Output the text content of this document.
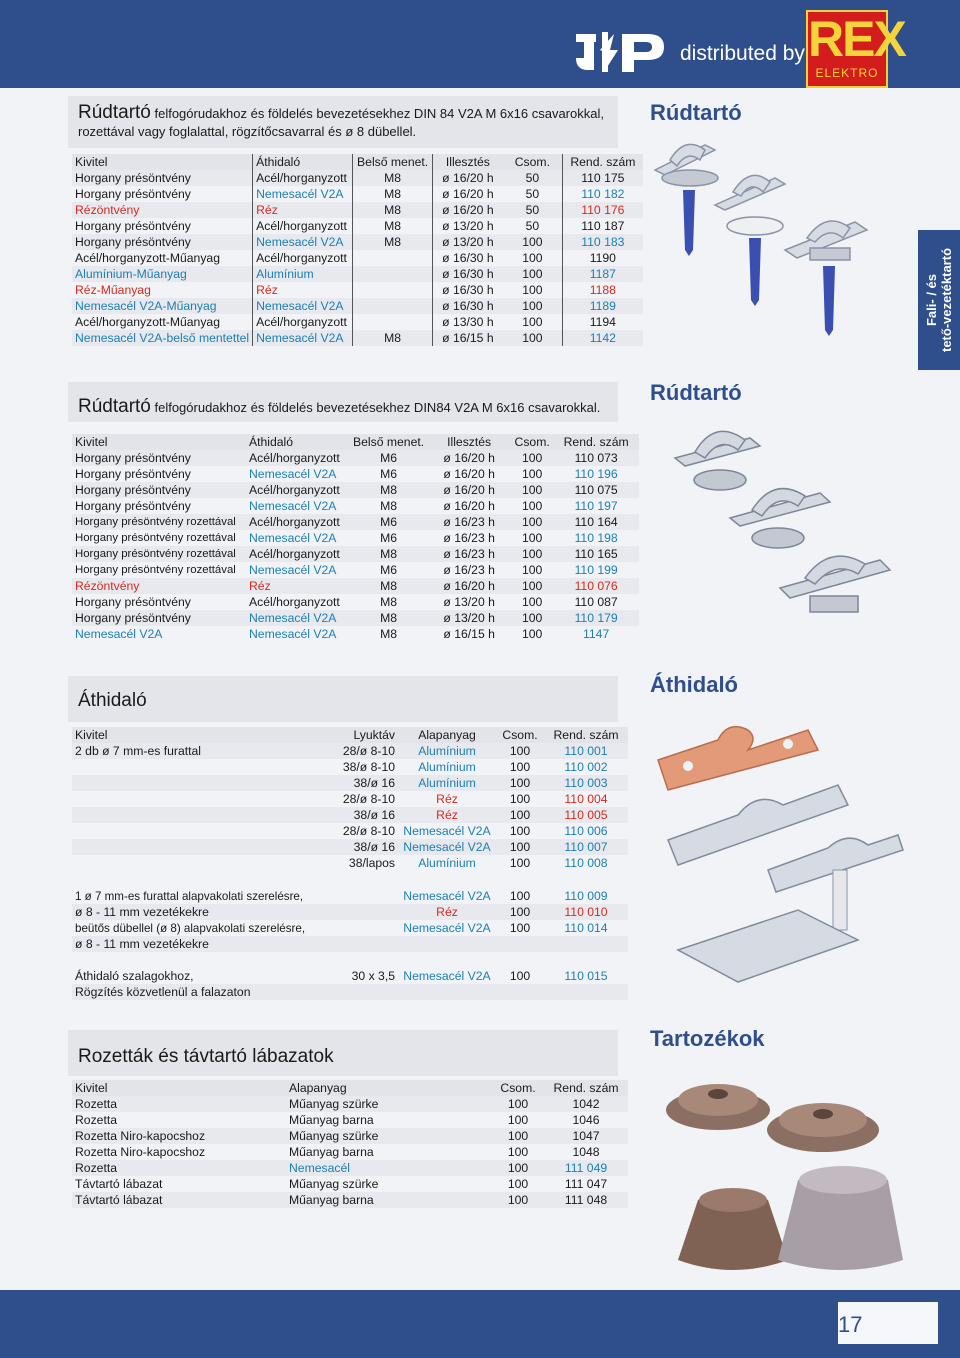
distributed by REX
ELEKTRO
Fali- / és tető-vezetéktartó
Rúdtartó felfogórudakhoz és földelés bevezetésekhez DIN 84 V2A M 6x16 csavarokkal,
rozettával vagy foglalattal, rögzítőcsavarral és ø 8 dübellel.
Rúdtartó
Kivitel	Áthidaló	Belső menet.	Illesztés	Csom.	Rend. szám
Horgany présöntvény	Acél/horganyzott	M8	ø 16/20 h	50	110 175
Horgany présöntvény	Nemesacél V2A	M8	ø 16/20 h	50	110 182
Rézöntvény	Réz	M8	ø 16/20 h	50	110 176
Horgany présöntvény	Acél/horganyzott	M8	ø 13/20 h	50	110 187
Horgany présöntvény	Nemesacél V2A	M8	ø 13/20 h	100	110 183
Acél/horganyzott-Műanyag	Acél/horganyzott		ø 16/30 h	100	1190
Alumínium-Műanyag	Alumínium		ø 16/30 h	100	1187
Réz-Műanyag	Réz		ø 16/30 h	100	1188
Nemesacél V2A-Műanyag	Nemesacél V2A		ø 16/30 h	100	1189
Acél/horganyzott-Műanyag	Acél/horganyzott		ø 13/30 h	100	1194
Nemesacél V2A-belső mentettel	Nemesacél V2A	M8	ø 16/15 h	100	1142
Rúdtartó felfogórudakhoz és földelés bevezetésekhez DIN84 V2A M 6x16 csavarokkal.
Rúdtartó
Kivitel	Áthidaló	Belső menet.	Illesztés	Csom.	Rend. szám
Horgany présöntvény	Acél/horganyzott	M6	ø 16/20 h	100	110 073
Horgany présöntvény	Nemesacél V2A	M6	ø 16/20 h	100	110 196
Horgany présöntvény	Acél/horganyzott	M8	ø 16/20 h	100	110 075
Horgany présöntvény	Nemesacél V2A	M8	ø 16/20 h	100	110 197
Horgany présöntvény rozettával	Acél/horganyzott	M6	ø 16/23 h	100	110 164
Horgany présöntvény rozettával	Nemesacél V2A	M6	ø 16/23 h	100	110 198
Horgany présöntvény rozettával	Acél/horganyzott	M8	ø 16/23 h	100	110 165
Horgany présöntvény rozettával	Nemesacél V2A	M6	ø 16/23 h	100	110 199
Rézöntvény	Réz	M8	ø 16/20 h	100	110 076
Horgany présöntvény	Acél/horganyzott	M8	ø 13/20 h	100	110 087
Horgany présöntvény	Nemesacél V2A	M8	ø 13/20 h	100	110 179
Nemesacél V2A	Nemesacél V2A	M8	ø 16/15 h	100	1147
Áthidaló
Áthidaló
Kivitel	Lyuktáv	Alapanyag	Csom.	Rend. szám
2 db ø 7 mm-es furattal	28/ø 8-10	Alumínium	100	110 001
	38/ø 8-10	Alumínium	100	110 002
	38/ø 16	Alumínium	100	110 003
	28/ø 8-10	Réz	100	110 004
	38/ø 16	Réz	100	110 005
	28/ø 8-10	Nemesacél V2A	100	110 006
	38/ø 16	Nemesacél V2A	100	110 007
	38/lapos	Alumínium	100	110 008
1 ø 7 mm-es furattal alapvakolati szerelésre,		Nemesacél V2A	100	110 009
ø 8 - 11 mm vezetékekre		Réz	100	110 010
beütős dübellel (ø 8) alapvakolati szerelésre,		Nemesacél V2A	100	110 014
ø 8 - 11 mm vezetékekre				
Áthidaló szalagokhoz,	30 x 3,5	Nemesacél V2A	100	110 015
Rögzítés közvetlenül a falazaton				
Rozetták és távtartó lábazatok
Tartozékok
Kivitel	Alapanyag	Csom.	Rend. szám
Rozetta	Műanyag szürke	100	1042
Rozetta	Műanyag barna	100	1046
Rozetta Niro-kapocshoz	Műanyag szürke	100	1047
Rozetta Niro-kapocshoz	Műanyag barna	100	1048
Rozetta	Nemesacél	100	111 049
Távtartó lábazat	Műanyag szürke	100	111 047
Távtartó lábazat	Műanyag barna	100	111 048
17
